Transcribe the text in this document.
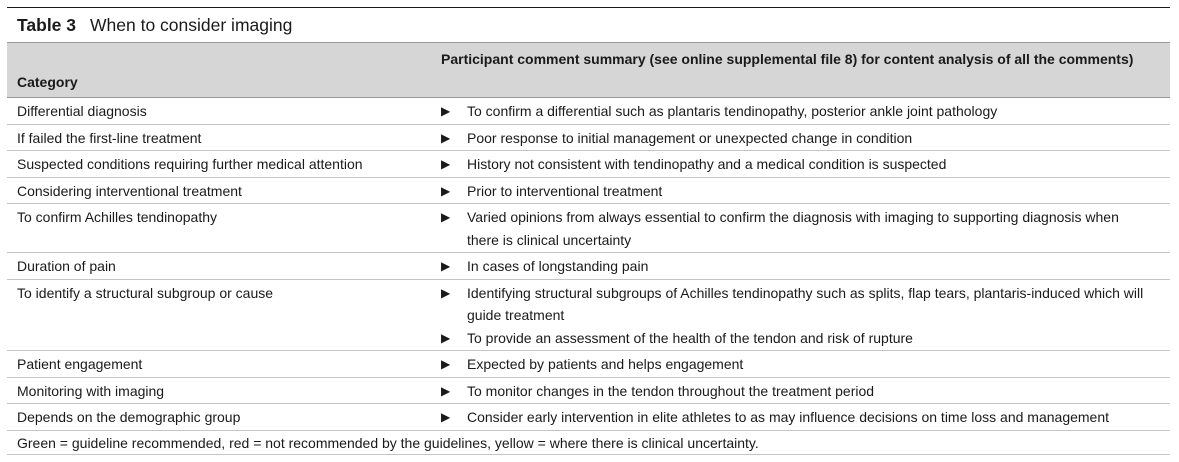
Table 3 When to consider imaging
Category
Participant comment summary (see online supplemental file 8) for content analysis of all the comments)
Differential diagnosis	▶	To confirm a differential such as plantaris tendinopathy, posterior ankle joint pathology
If failed the first-line treatment	▶	Poor response to initial management or unexpected change in condition
Suspected conditions requiring further medical attention	▶	History not consistent with tendinopathy and a medical condition is suspected
Considering interventional treatment	▶	Prior to interventional treatment
To confirm Achilles tendinopathy	▶	Varied opinions from always essential to confirm the diagnosis with imaging to supporting diagnosis when there is clinical uncertainty
Duration of pain	▶	In cases of longstanding pain
To identify a structural subgroup or cause	▶	Identifying structural subgroups of Achilles tendinopathy such as splits, flap tears, plantaris-induced which will guide treatment
▶	To provide an assessment of the health of the tendon and risk of rupture
Patient engagement	▶	Expected by patients and helps engagement
Monitoring with imaging	▶	To monitor changes in the tendon throughout the treatment period
Depends on the demographic group	▶	Consider early intervention in elite athletes to as may influence decisions on time loss and management
Green = guideline recommended, red = not recommended by the guidelines, yellow = where there is clinical uncertainty.
